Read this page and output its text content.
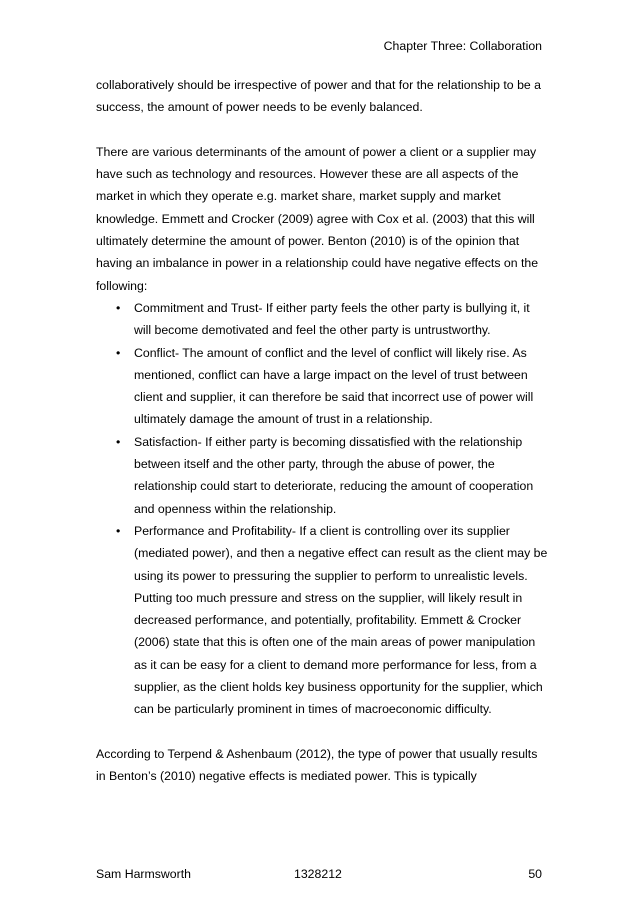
Chapter Three: Collaboration

collaboratively should be irrespective of power and that for the relationship to be a success, the amount of power needs to be evenly balanced.

There are various determinants of the amount of power a client or a supplier may have such as technology and resources. However these are all aspects of the market in which they operate e.g. market share, market supply and market knowledge. Emmett and Crocker (2009) agree with Cox et al. (2003) that this will ultimately determine the amount of power. Benton (2010) is of the opinion that having an imbalance in power in a relationship could have negative effects on the following:

• Commitment and Trust- If either party feels the other party is bullying it, it will become demotivated and feel the other party is untrustworthy.
• Conflict- The amount of conflict and the level of conflict will likely rise. As mentioned, conflict can have a large impact on the level of trust between client and supplier, it can therefore be said that incorrect use of power will ultimately damage the amount of trust in a relationship.
• Satisfaction- If either party is becoming dissatisfied with the relationship between itself and the other party, through the abuse of power, the relationship could start to deteriorate, reducing the amount of cooperation and openness within the relationship.
• Performance and Profitability- If a client is controlling over its supplier (mediated power), and then a negative effect can result as the client may be using its power to pressuring the supplier to perform to unrealistic levels. Putting too much pressure and stress on the supplier, will likely result in decreased performance, and potentially, profitability. Emmett & Crocker (2006) state that this is often one of the main areas of power manipulation as it can be easy for a client to demand more performance for less, from a supplier, as the client holds key business opportunity for the supplier, which can be particularly prominent in times of macroeconomic difficulty.

According to Terpend & Ashenbaum (2012), the type of power that usually results in Benton’s (2010) negative effects is mediated power. This is typically

Sam Harmsworth	1328212	50
